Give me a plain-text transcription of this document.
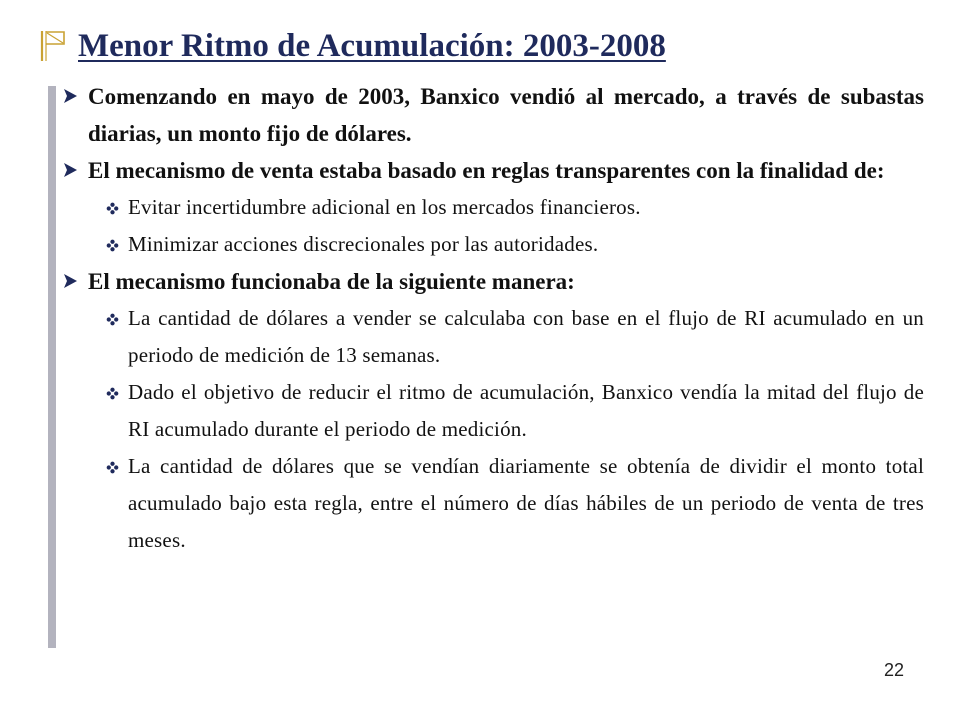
Menor Ritmo de Acumulación: 2003-2008
Comenzando en mayo de 2003, Banxico vendió al mercado, a través de subastas diarias, un monto fijo de dólares.
El mecanismo de venta estaba basado en reglas transparentes con la finalidad de:
Evitar incertidumbre adicional en los mercados financieros.
Minimizar acciones discrecionales por las autoridades.
El mecanismo funcionaba de la siguiente manera:
La cantidad de dólares a vender se calculaba con base en el flujo de RI acumulado en un periodo de medición de 13 semanas.
Dado el objetivo de reducir el ritmo de acumulación, Banxico vendía la mitad del flujo de RI acumulado durante el periodo de medición.
La cantidad de dólares que se vendían diariamente se obtenía de dividir el monto total acumulado bajo esta regla, entre el número de días hábiles de un periodo de venta de tres meses.
22
